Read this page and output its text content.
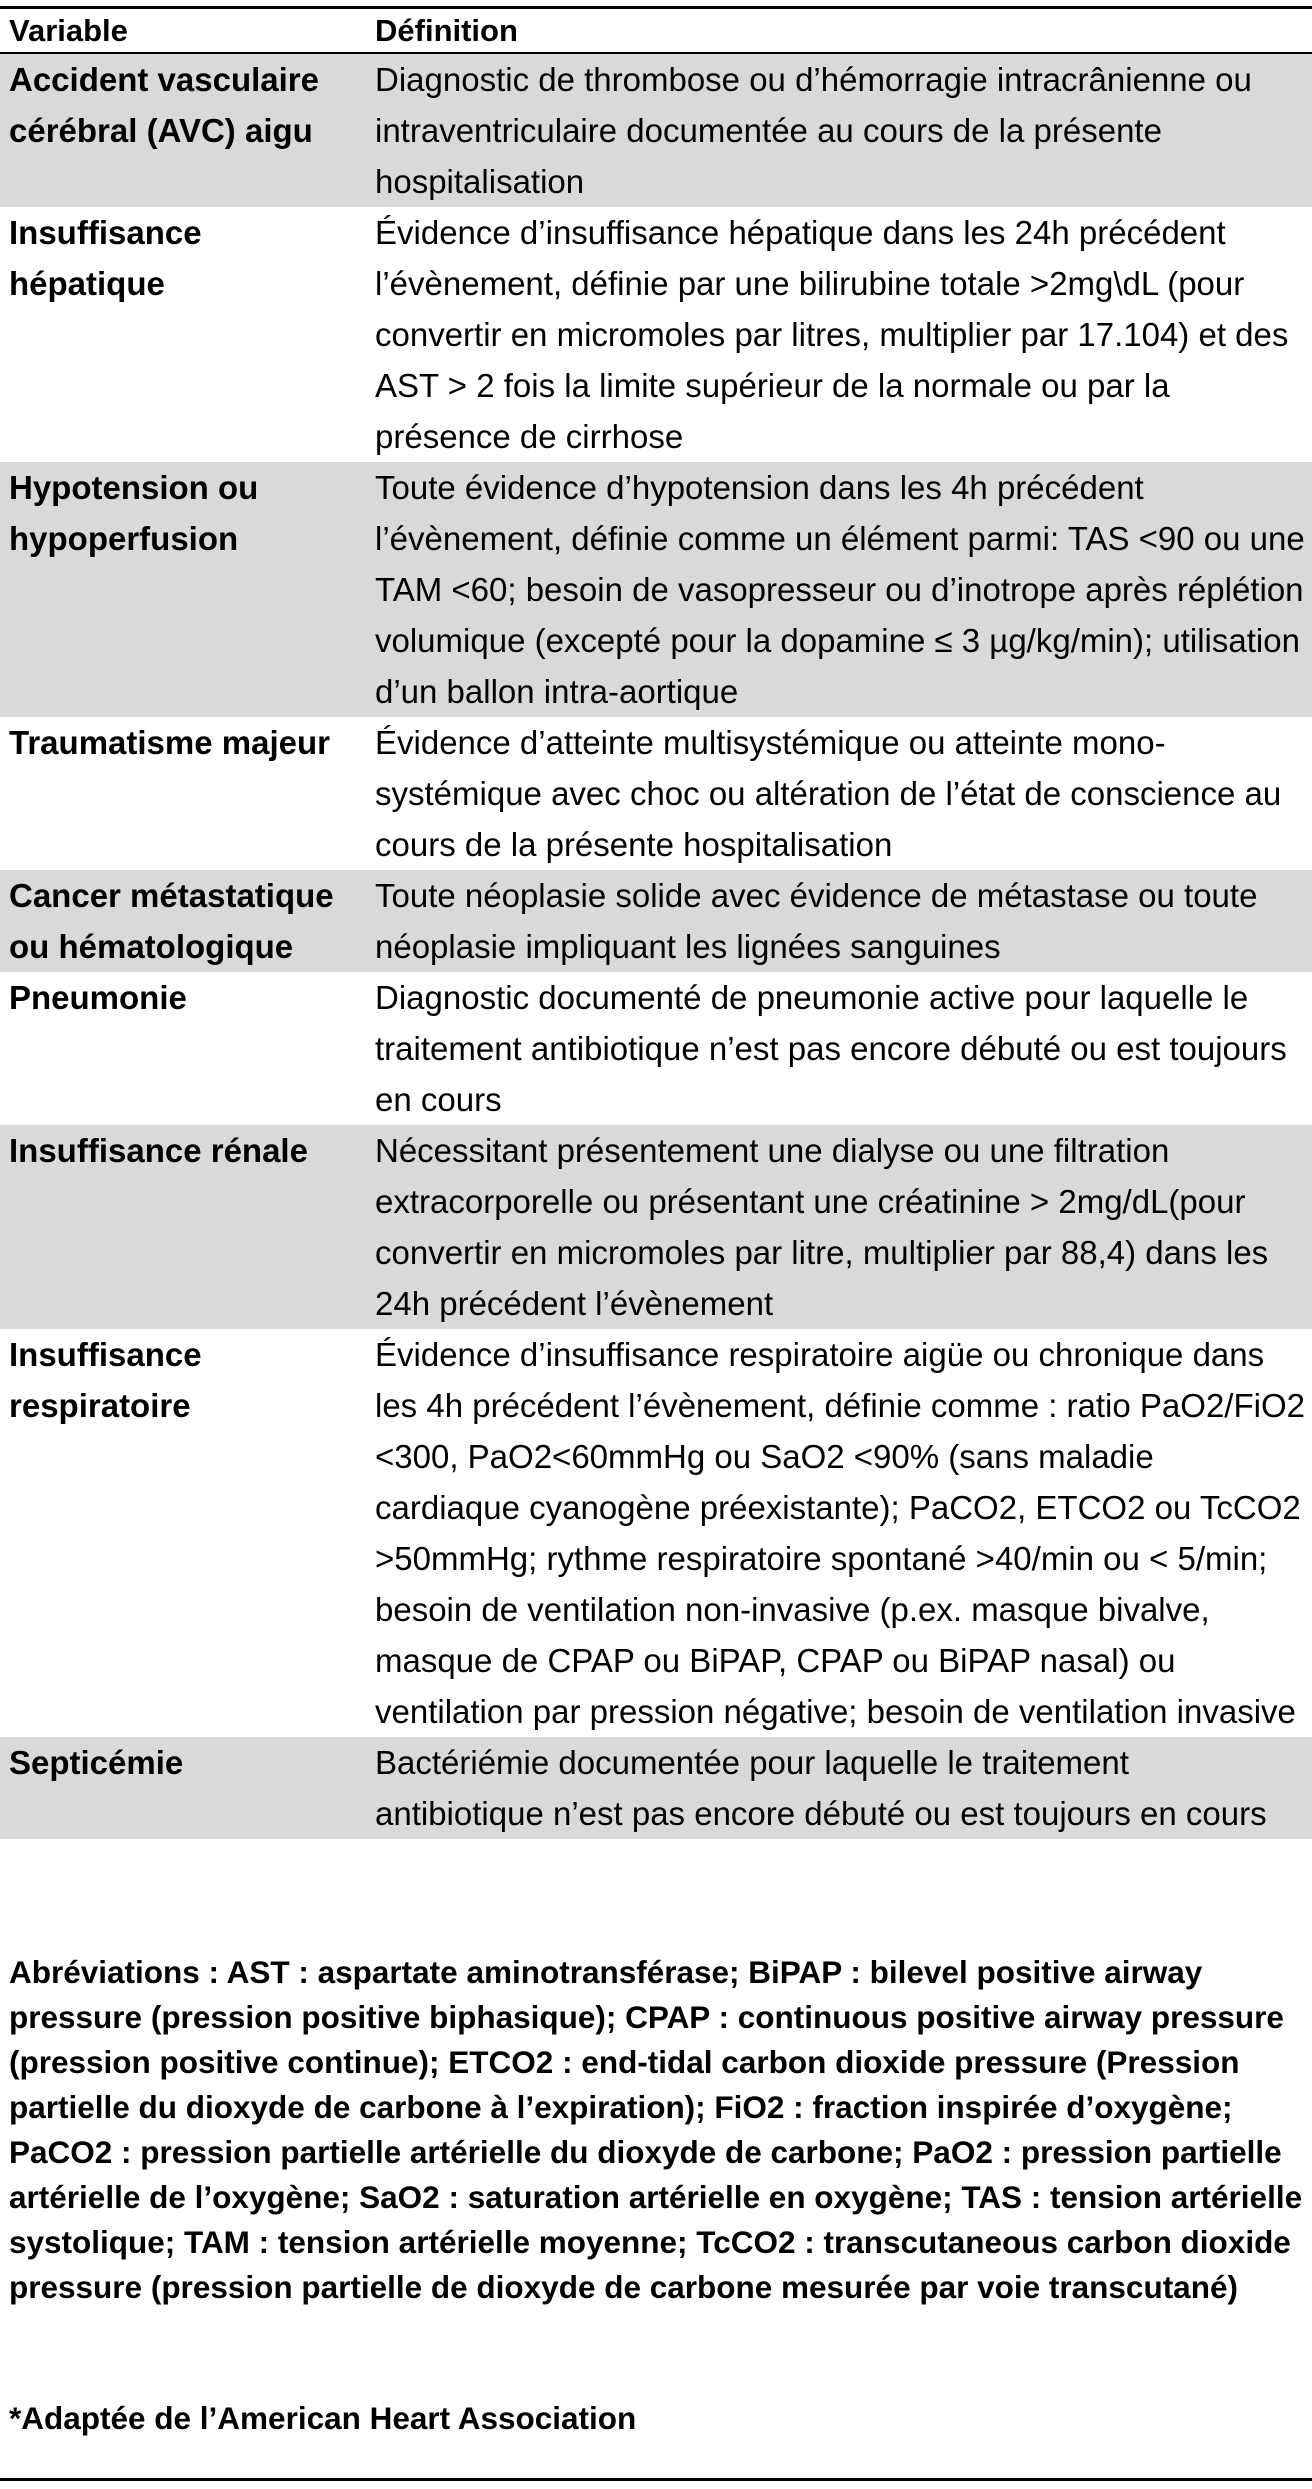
Variable	Définition
Accident vasculaire cérébral (AVC) aigu	Diagnostic de thrombose ou d’hémorragie intracrânienne ou intraventriculaire documentée au cours de la présente hospitalisation
Insuffisance hépatique	Évidence d’insuffisance hépatique dans les 24h précédent l’évènement, définie par une bilirubine totale >2mg\dL (pour convertir en micromoles par litres, multiplier par 17.104) et des AST > 2 fois la limite supérieur de la normale ou par la présence de cirrhose
Hypotension ou hypoperfusion	Toute évidence d’hypotension dans les 4h précédent l’évènement, définie comme un élément parmi: TAS <90 ou une TAM <60; besoin de vasopresseur ou d’inotrope après réplétion volumique (excepté pour la dopamine ≤ 3 µg/kg/min); utilisation d’un ballon intra-aortique
Traumatisme majeur	Évidence d’atteinte multisystémique ou atteinte mono-systémique avec choc ou altération de l’état de conscience au cours de la présente hospitalisation
Cancer métastatique ou hématologique	Toute néoplasie solide avec évidence de métastase ou toute néoplasie impliquant les lignées sanguines
Pneumonie	Diagnostic documenté de pneumonie active pour laquelle le traitement antibiotique n’est pas encore débuté ou est toujours en cours
Insuffisance rénale	Nécessitant présentement une dialyse ou une filtration extracorporelle ou présentant une créatinine > 2mg/dL(pour convertir en micromoles par litre, multiplier par 88,4) dans les 24h précédent l’évènement
Insuffisance respiratoire	Évidence d’insuffisance respiratoire aigüe ou chronique dans les 4h précédent l’évènement, définie comme : ratio PaO2/FiO2 <300, PaO2<60mmHg ou SaO2 <90% (sans maladie cardiaque cyanogène préexistante); PaCO2, ETCO2 ou TcCO2 >50mmHg; rythme respiratoire spontané >40/min ou < 5/min; besoin de ventilation non-invasive (p.ex. masque bivalve, masque de CPAP ou BiPAP, CPAP ou BiPAP nasal) ou ventilation par pression négative; besoin de ventilation invasive
Septicémie	Bactériémie documentée pour laquelle le traitement antibiotique n’est pas encore débuté ou est toujours en cours
Abréviations : AST : aspartate aminotransférase; BiPAP : bilevel positive airway pressure (pression positive biphasique); CPAP : continuous positive airway pressure (pression positive continue); ETCO2 : end-tidal carbon dioxide pressure (Pression partielle du dioxyde de carbone à l’expiration); FiO2 : fraction inspirée d’oxygène; PaCO2 : pression partielle artérielle du dioxyde de carbone; PaO2 : pression partielle artérielle de l’oxygène; SaO2 : saturation artérielle en oxygène; TAS : tension artérielle systolique; TAM : tension artérielle moyenne; TcCO2 : transcutaneous carbon dioxide pressure (pression partielle de dioxyde de carbone mesurée par voie transcutané)
*Adaptée de l’American Heart Association
